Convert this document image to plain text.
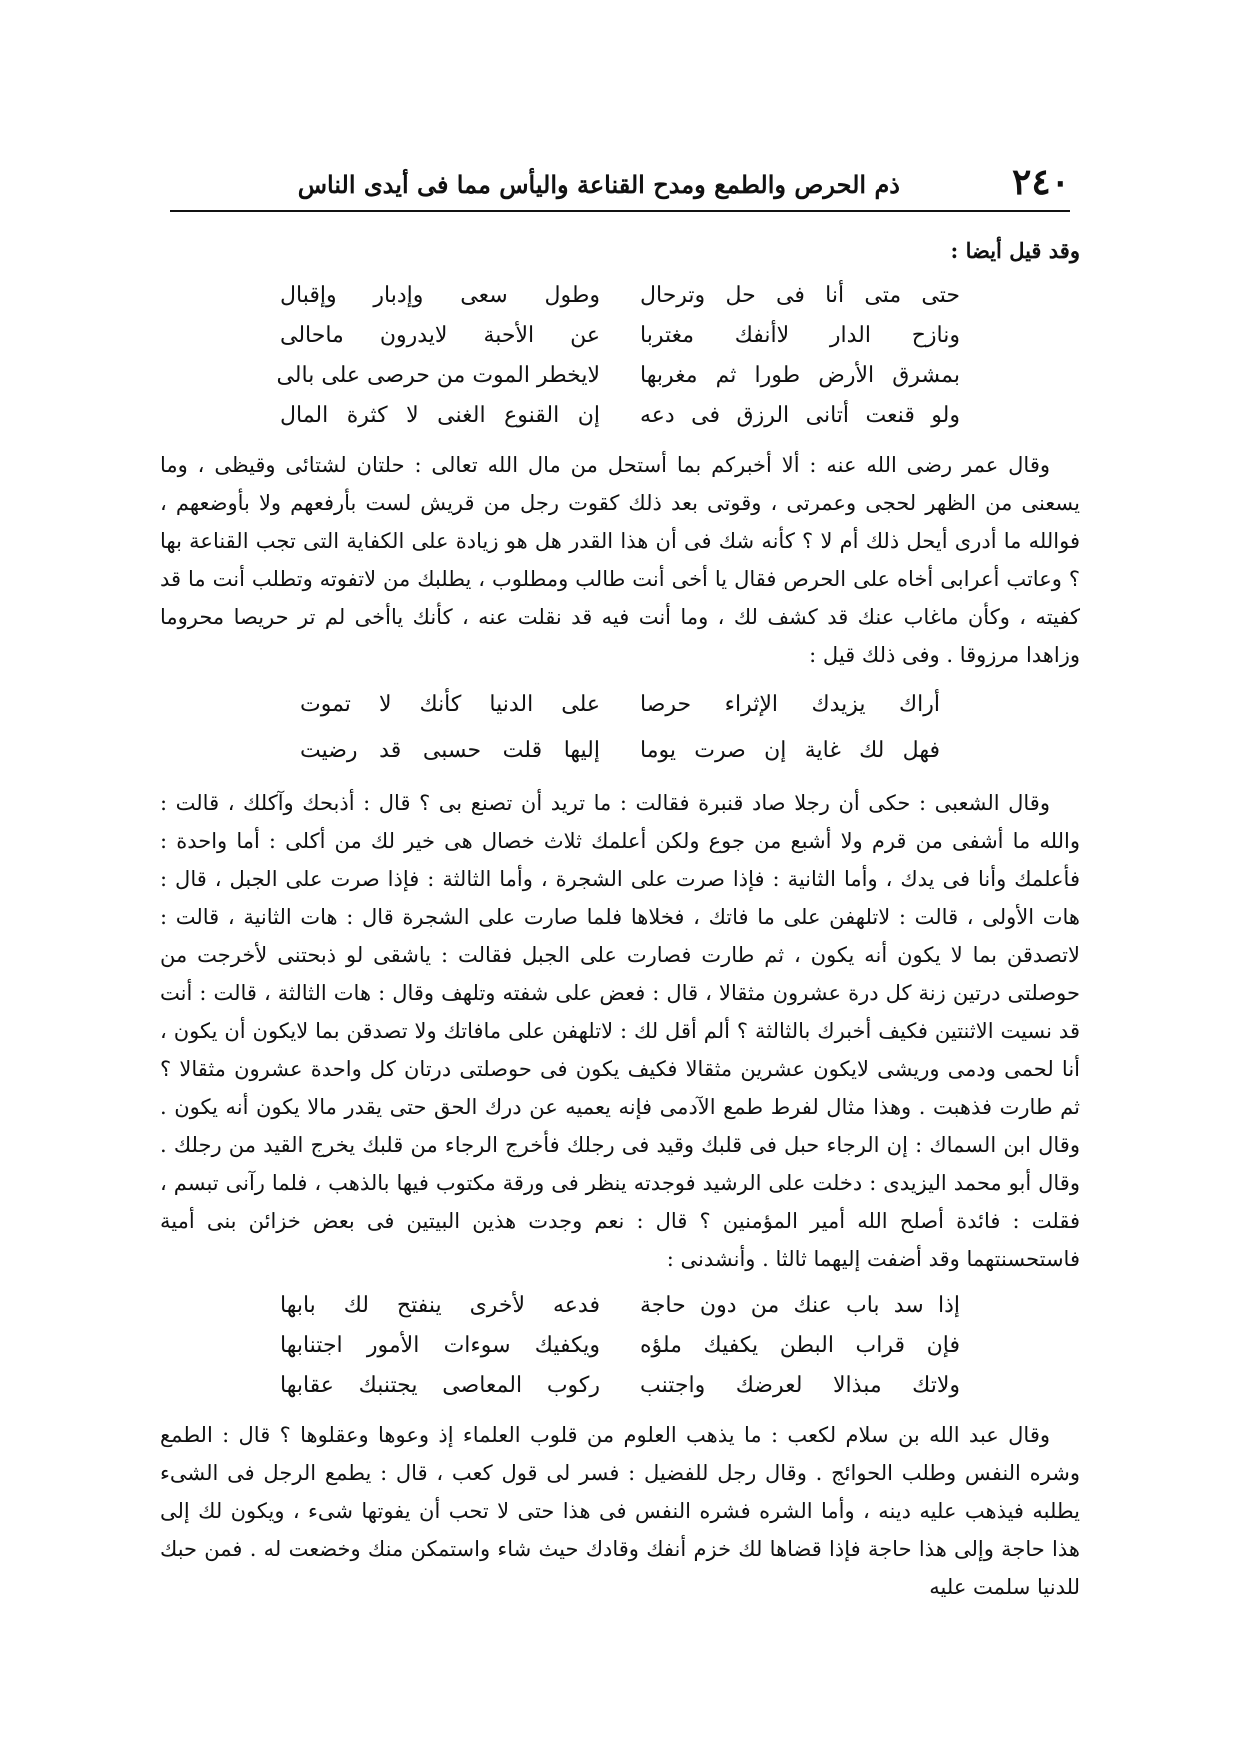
٢٤٠
ذم الحرص والطمع ومدح القناعة واليأس مما فى أيدى الناس
وقد قيل أيضا :
حتى متى أنا فى حل وترحال
وطول سعى وإدبار وإقبال
ونازح الدار لاأنفك مغتربا
عن الأحبة لايدرون ماحالى
بمشرق الأرض طورا ثم مغربها
لايخطر الموت من حرصى على بالى
ولو قنعت أتانى الرزق فى دعه
إن القنوع الغنى لا كثرة المال

وقال عمر رضى الله عنه : ألا أخبركم بما أستحل من مال الله تعالى : حلتان لشتائى وقيظى ، وما يسعنى من الظهر لحجى وعمرتى ، وقوتى بعد ذلك كقوت رجل من قريش لست بأرفعهم ولا بأوضعهم ، فوالله ما أدرى أيحل ذلك أم لا ؟ كأنه شك فى أن هذا القدر هل هو زيادة على الكفاية التى تجب القناعة بها ؟ وعاتب أعرابى أخاه على الحرص فقال يا أخى أنت طالب ومطلوب ، يطلبك من لاتفوته وتطلب أنت ما قد كفيته ، وكأن ماغاب عنك قد كشف لك ، وما أنت فيه قد نقلت عنه ، كأنك ياأخى لم تر حريصا محروما وزاهدا مرزوقا . وفى ذلك قيل :

أراك يزيدك الإثراء حرصا
على الدنيا كأنك لا تموت
فهل لك غاية إن صرت يوما
إليها قلت حسبى قد رضيت

وقال الشعبى : حكى أن رجلا صاد قنبرة فقالت : ما تريد أن تصنع بى ؟ قال : أذبحك وآكلك ، قالت : والله ما أشفى من قرم ولا أشبع من جوع ولكن أعلمك ثلاث خصال هى خير لك من أكلى : أما واحدة : فأعلمك وأنا فى يدك ، وأما الثانية : فإذا صرت على الشجرة ، وأما الثالثة : فإذا صرت على الجبل ، قال : هات الأولى ، قالت : لاتلهفن على ما فاتك ، فخلاها فلما صارت على الشجرة قال : هات الثانية ، قالت : لاتصدقن بما لا يكون أنه يكون ، ثم طارت فصارت على الجبل فقالت : ياشقى لو ذبحتنى لأخرجت من حوصلتى درتين زنة كل درة عشرون مثقالا ، قال : فعض على شفته وتلهف وقال : هات الثالثة ، قالت : أنت قد نسيت الاثنتين فكيف أخبرك بالثالثة ؟ ألم أقل لك : لاتلهفن على مافاتك ولا تصدقن بما لايكون أن يكون ، أنا لحمى ودمى وريشى لايكون عشرين مثقالا فكيف يكون فى حوصلتى درتان كل واحدة عشرون مثقالا ؟ ثم طارت فذهبت . وهذا مثال لفرط طمع الآدمى فإنه يعميه عن درك الحق حتى يقدر مالا يكون أنه يكون . وقال ابن السماك : إن الرجاء حبل فى قلبك وقيد فى رجلك فأخرج الرجاء من قلبك يخرج القيد من رجلك . وقال أبو محمد اليزيدى : دخلت على الرشيد فوجدته ينظر فى ورقة مكتوب فيها بالذهب ، فلما رآنى تبسم ، فقلت : فائدة أصلح الله أمير المؤمنين ؟ قال : نعم وجدت هذين البيتين فى بعض خزائن بنى أمية فاستحسنتهما وقد أضفت إليهما ثالثا . وأنشدنى :

إذا سد باب عنك من دون حاجة
فدعه لأخرى ينفتح لك بابها
فإن قراب البطن يكفيك ملؤه
ويكفيك سوءات الأمور اجتنابها
ولاتك مبذالا لعرضك واجتنب
ركوب المعاصى يجتنبك عقابها

وقال عبد الله بن سلام لكعب : ما يذهب العلوم من قلوب العلماء إذ وعوها وعقلوها ؟ قال : الطمع وشره النفس وطلب الحوائج . وقال رجل للفضيل : فسر لى قول كعب ، قال : يطمع الرجل فى الشىء يطلبه فيذهب عليه دينه ، وأما الشره فشره النفس فى هذا حتى لا تحب أن يفوتها شىء ، ويكون لك إلى هذا حاجة وإلى هذا حاجة فإذا قضاها لك خزم أنفك وقادك حيث شاء واستمكن منك وخضعت له . فمن حبك للدنيا سلمت عليه
